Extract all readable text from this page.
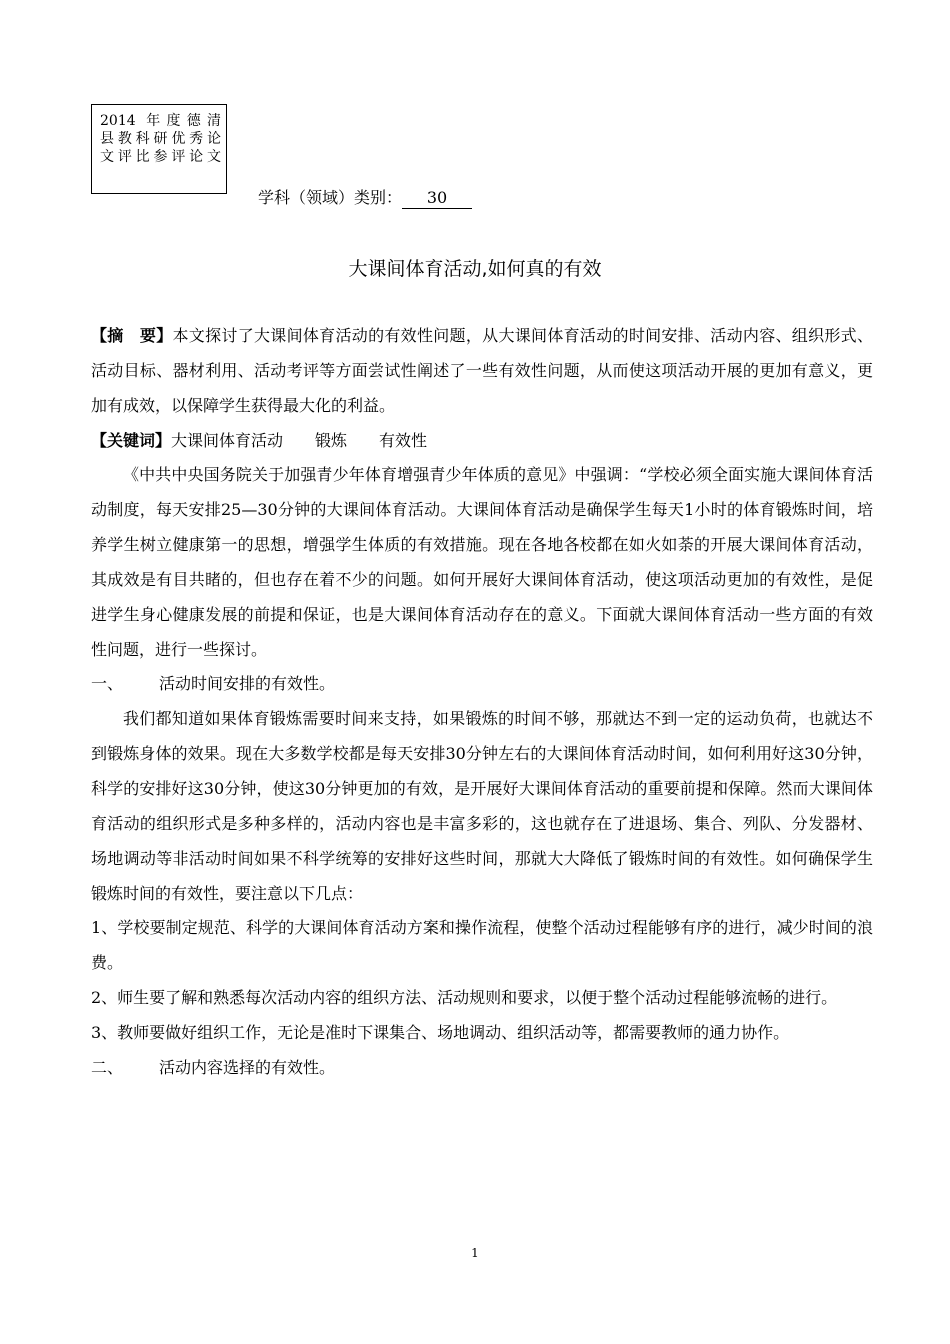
2014 年度德清
县教科研优秀论
文评比参评论文
学科（领域）类别： 30
大课间体育活动,如何真的有效

【摘　要】本文探讨了大课间体育活动的有效性问题，从大课间体育活动的时间安排、活动内容、组织形式、活动目标、器材利用、活动考评等方面尝试性阐述了一些有效性问题，从而使这项活动开展的更加有意义，更加有成效，以保障学生获得最大化的利益。

【关键词】大课间体育活动 锻炼 有效性

《中共中央国务院关于加强青少年体育增强青少年体质的意见》中强调：“学校必须全面实施大课间体育活动制度，每天安排25—30分钟的大课间体育活动。大课间体育活动是确保学生每天1小时的体育锻炼时间，培养学生树立健康第一的思想，增强学生体质的有效措施。现在各地各校都在如火如荼的开展大课间体育活动，其成效是有目共睹的，但也存在着不少的问题。如何开展好大课间体育活动，使这项活动更加的有效性，是促进学生身心健康发展的前提和保证，也是大课间体育活动存在的意义。下面就大课间体育活动一些方面的有效性问题，进行一些探讨。

一、 活动时间安排的有效性。

我们都知道如果体育锻炼需要时间来支持，如果锻炼的时间不够，那就达不到一定的运动负荷，也就达不到锻炼身体的效果。现在大多数学校都是每天安排30分钟左右的大课间体育活动时间，如何利用好这30分钟，科学的安排好这30分钟，使这30分钟更加的有效，是开展好大课间体育活动的重要前提和保障。然而大课间体育活动的组织形式是多种多样的，活动内容也是丰富多彩的，这也就存在了进退场、集合、列队、分发器材、场地调动等非活动时间如果不科学统筹的安排好这些时间，那就大大降低了锻炼时间的有效性。如何确保学生锻炼时间的有效性，要注意以下几点：

1、学校要制定规范、科学的大课间体育活动方案和操作流程，使整个活动过程能够有序的进行，减少时间的浪费。

2、师生要了解和熟悉每次活动内容的组织方法、活动规则和要求，以便于整个活动过程能够流畅的进行。

3、教师要做好组织工作，无论是准时下课集合、场地调动、组织活动等，都需要教师的通力协作。

二、 活动内容选择的有效性。

1
